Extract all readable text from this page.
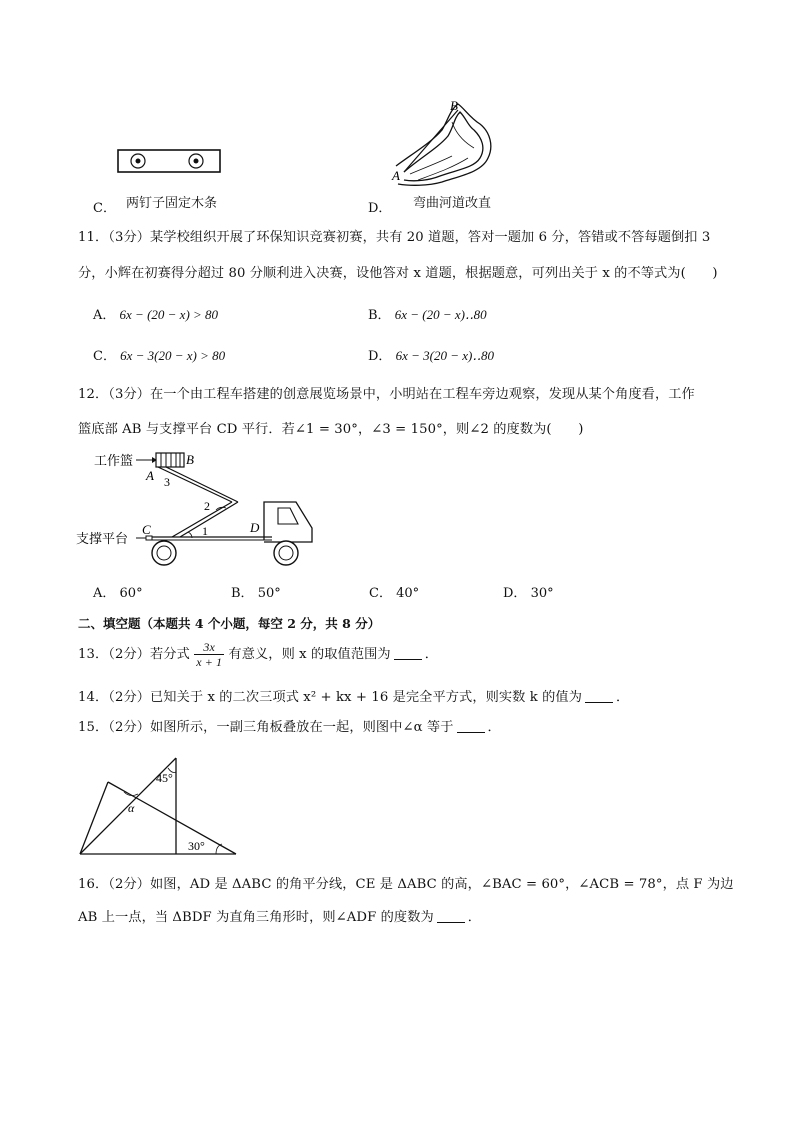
C． 两钉子固定木条
B
A
D． 弯曲河道改直
11．（3分）某学校组织开展了环保知识竞赛初赛，共有 20 道题，答对一题加 6 分，答错或不答每题倒扣 3
分，小辉在初赛得分超过 80 分顺利进入决赛，设他答对 x 道题，根据题意，可列出关于 x 的不等式为(　　)
A． 6x − (20 − x) > 80	B． 6x − (20 − x)‥80
C． 6x − 3(20 − x) > 80	D． 6x − 3(20 − x)‥80
12．（3分）在一个由工程车搭建的创意展览场景中，小明站在工程车旁边观察，发现从某个角度看，工作
篮底部 AB 与支撑平台 CD 平行．若∠1 = 30°，∠3 = 150°，则∠2 的度数为(　　)
工作篮
支撑平台
B
A 3
2
1
C	D
A． 60°	B． 50°	C． 40°	D． 30°
二、填空题（本题共 4 个小题，每空 2 分，共 8 分）
13．（2分）若分式 $\frac{3x}{x + 1}$ 有意义，则 x 的取值范围为	．
14．（2分）已知关于 x 的二次三项式 x² + kx + 16 是完全平方式，则实数 k 的值为	．
15．（2分）如图所示，一副三角板叠放在一起，则图中∠α 等于	．
45°
α
30°
16．（2分）如图，AD 是 ΔABC 的角平分线，CE 是 ΔABC 的高，∠BAC = 60°，∠ACB = 78°，点 F 为边
AB 上一点，当 ΔBDF 为直角三角形时，则∠ADF 的度数为	．
